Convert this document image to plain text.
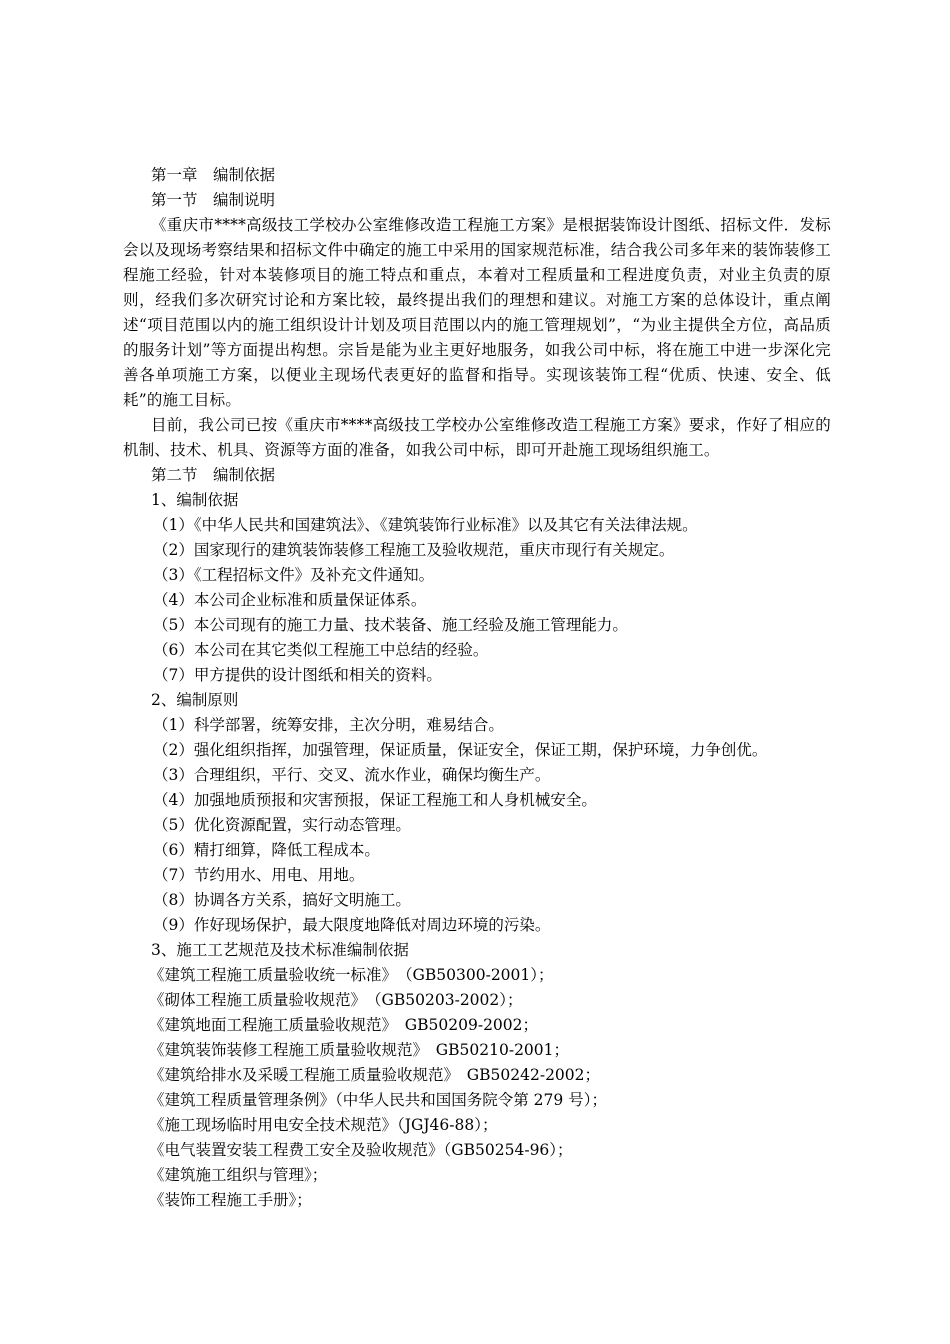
第一章　编制依据
第一节　编制说明

《重庆市****高级技工学校办公室维修改造工程施工方案》是根据装饰设计图纸、招标文件．发标会以及现场考察结果和招标文件中确定的施工中采用的国家规范标准，结合我公司多年来的装饰装修工程施工经验，针对本装修项目的施工特点和重点，本着对工程质量和工程进度负责，对业主负责的原则，经我们多次研究讨论和方案比较，最终提出我们的理想和建议。对施工方案的总体设计，重点阐述“项目范围以内的施工组织设计计划及项目范围以内的施工管理规划”，“为业主提供全方位，高品质的服务计划”等方面提出构想。宗旨是能为业主更好地服务，如我公司中标，将在施工中进一步深化完善各单项施工方案，以便业主现场代表更好的监督和指导。实现该装饰工程“优质、快速、安全、低耗”的施工目标。

目前，我公司已按《重庆市****高级技工学校办公室维修改造工程施工方案》要求，作好了相应的机制、技术、机具、资源等方面的准备，如我公司中标，即可开赴施工现场组织施工。

第二节　编制依据
1、编制依据
（1）《中华人民共和国建筑法》、《建筑装饰行业标准》以及其它有关法律法规。
（2）国家现行的建筑装饰装修工程施工及验收规范，重庆市现行有关规定。
（3）《工程招标文件》及补充文件通知。
（4）本公司企业标准和质量保证体系。
（5）本公司现有的施工力量、技术装备、施工经验及施工管理能力。
（6）本公司在其它类似工程施工中总结的经验。
（7）甲方提供的设计图纸和相关的资料。
2、编制原则
（1）科学部署，统筹安排，主次分明，难易结合。
（2）强化组织指挥，加强管理，保证质量，保证安全，保证工期，保护环境，力争创优。
（3）合理组织，平行、交叉、流水作业，确保均衡生产。
（4）加强地质预报和灾害预报，保证工程施工和人身机械安全。
（5）优化资源配置，实行动态管理。
（6）精打细算，降低工程成本。
（7）节约用水、用电、用地。
（8）协调各方关系，搞好文明施工。
（9）作好现场保护，最大限度地降低对周边环境的污染。
3、施工工艺规范及技术标准编制依据
《建筑工程施工质量验收统一标准》　（GB50300-2001）；
《砌体工程施工质量验收规范》　（GB50203-2002）；
《建筑地面工程施工质量验收规范》　GB50209-2002；
《建筑装饰装修工程施工质量验收规范》　GB50210-2001；
《建筑给排水及采暖工程施工质量验收规范》　GB50242-2002；
《建筑工程质量管理条例》（中华人民共和国国务院令第 279 号）；
《施工现场临时用电安全技术规范》（JGJ46-88）；
《电气装置安装工程费工安全及验收规范》（GB50254-96）；
《建筑施工组织与管理》；
《装饰工程施工手册》；
